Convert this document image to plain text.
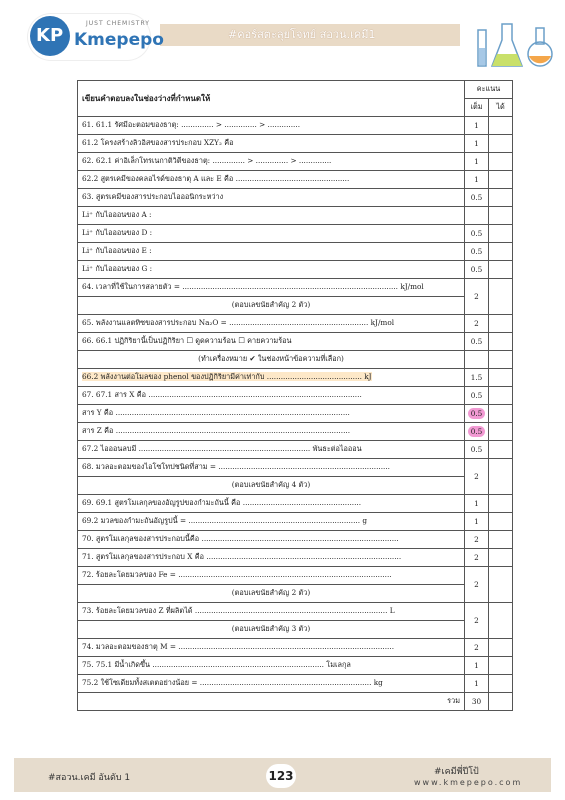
#คอร์สตะลุยโจทย์ สอวน.เคมี1
KP
JUST CHEMISTRY
Kmepepo
เขียนคำตอบลงในช่องว่างที่กำหนดให้	คะแนน	
	เต็ม	ได้
61. 61.1 รัศมีอะตอมของธาตุ: .............. > .............. > ..............	1	
61.2 โครงสร้างลิวอิสของสารประกอบ XZY₂ คือ	1	
62. 62.1 ค่าอิเล็กโทรเนกาติวิตีของธาตุ: .............. > .............. > ..............	1	
62.2 สูตรเคมีของคลอไรด์ของธาตุ A และ E คือ .................................................	1	
63. สูตรเคมีของสารประกอบไอออนิกระหว่าง	0.5	
Li⁺ กับไอออนของ A :		
Li⁺ กับไอออนของ D :	0.5	
Li⁺ กับไอออนของ E :	0.5	
Li⁺ กับไอออนของ G :	0.5	
64. เวลาที่ใช้ในการสลายตัว = ............................................................................................. kJ/mol	2	
(ตอบเลขนัยสำคัญ 2 ตัว)		
65. พลังงานแลตทิซของสารประกอบ Na₂O = ............................................................ kJ/mol	2	
66. 66.1 ปฏิกิริยานี้เป็นปฏิกิริยา ☐ ดูดความร้อน ☐ คายความร้อน	0.5	
(ทำเครื่องหมาย ✔ ในช่องหน้าข้อความที่เลือก)		
66.2 พลังงานต่อโมลของ phenol ของปฏิกิริยามีค่าเท่ากับ ......................................... kJ	1.5	
67. 67.1 สาร X คือ ............................................................................................	0.5	
สาร Y คือ .....................................................................................................	0.5	
สาร Z คือ .....................................................................................................	0.5	
67.2 ไอออนลบมี .......................................................................... พันธะต่อไอออน	0.5	
68. มวลอะตอมของไอโซโทปชนิดที่สาม = ..........................................................................	2	
(ตอบเลขนัยสำคัญ 4 ตัว)		
69. 69.1 สูตรโมเลกุลของอัญรูปของกำมะถันนี้ คือ ...................................................	1	
69.2 มวลของกำมะถันอัญรูปนี้ = .......................................................................... g	1	
70. สูตรโมเลกุลของสารประกอบนี้คือ .....................................................................................	2	
71. สูตรโมเลกุลของสารประกอบ X คือ ....................................................................................	2	
72. ร้อยละโดยมวลของ Fe = ............................................................................................	2	
(ตอบเลขนัยสำคัญ 2 ตัว)		
73. ร้อยละโดยมวลของ Z ที่ผลิตได้ ................................................................................... L	2	
(ตอบเลขนัยสำคัญ 3 ตัว)		
74. มวลอะตอมของธาตุ M = .............................................................................................	2	
75. 75.1 มีน้ำเกิดขึ้น .......................................................................... โมเลกุล	1	
75.2 ใช้โซเดียมทั้งสเตตอย่างน้อย = .......................................................................... kg	1	
รวม	30	
#สอวน.เคมี อันดับ 1	123	#เคมีพี่ปีโป้
www.kmepepo.com
